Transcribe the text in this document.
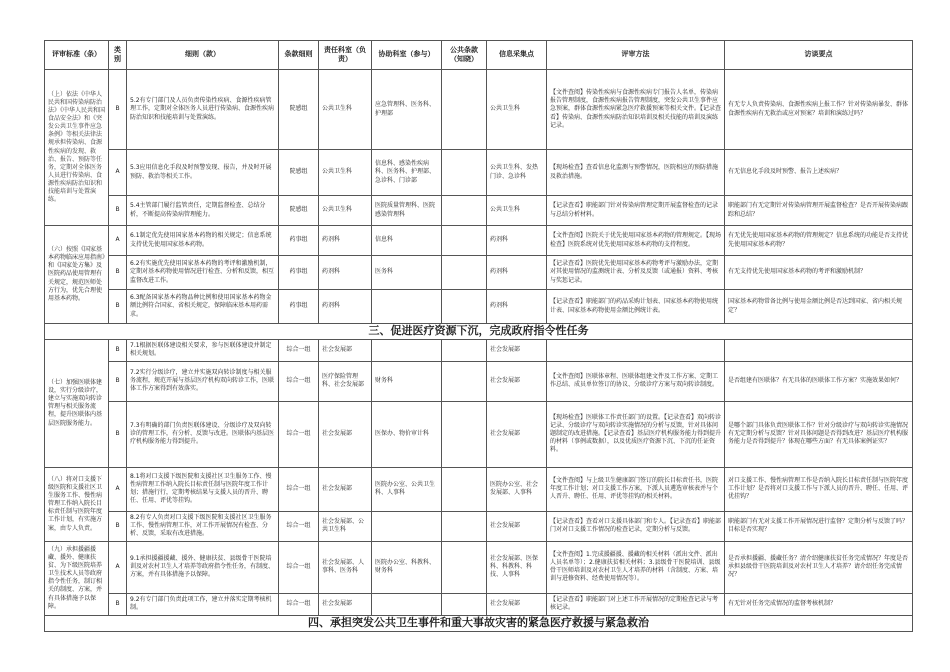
评审标准（条）	类别	细则（款）	条款细则	责任科室（负责）	协助科室（参与）	公共条款（知晓）	信息采集点	评审方法	访谈要点
（上）依法《中华人民共和国传染病防治法》《中华人民共和国食品安全法》和《突发公共卫生事件应急条例》等相关法律法规承担传染病、食源性疾病的发现、救治、报告、预防等任务，定期对全体医务人员进行传染病、食源性疾病防治知识和技能培训与处置演练。	B	5.2有专门部门及人员负责传染性疾病、食源性疾病管理工作，定期对全体医务人员进行传染病、食源性疾病防治知识和技能培训与处置演练。	院感组	公共卫生科	应急管理科、医务科、护理部		公共卫生科	【文件查阅】传染性疾病与食源性疾病专门报告人名单，传染病报告管理制度，食源性疾病报告管理制度，突发公共卫生事件应急预案，群体食源性疾病紧急医疗救援预案等相关文件。【记录查看】传染病、食源性疾病防治知识培训及相关技能的培训及演练记录。	有无专人负责传染病、食源性疾病上报工作？针对传染病暴发、群体食源性疾病有无救治或应对预案？培训和演练过吗？
	A	5.3应用信息化手段及时预警发现、报告，并及时开展预防、救治等相关工作。	院感组	公共卫生科	信息科、感染性疾病科、医务科、护理部、急诊科、门诊部		公共卫生科、发热门诊、急诊科	【现场检查】查看信息化监测与预警情况，医院相应的预防措施及救治措施。	有无信息化手段及时预警、报告上述疾病？
	B	5.4主管部门履行监管责任，定期监督检查、总结分析，不断提高传染病管理能力。	院感组	公共卫生科	医院质量管理科、医院感染管理科		公共卫生科	【记录查看】职能部门针对传染病管理定期开展监督检查的记录与总结分析材料。	职能部门有无定期针对传染病管理开展监督检查？是否开展传染病跟踪和总结？
（六）按照《国家基本药物临床应用指南》和《国家处方集》及医院药品使用管理有关规定，规范医师处方行为，优先合理使用基本药物。	A	6.1制定优先使用国家基本药物的相关规定；信息系统支持优先使用国家基本药物。	药事组	药剂科	信息科		药剂科	【文件查阅】医院关于优先使用国家基本药物的管理规定。【现场检查】医院系统对优先使用国家基本药物的支持程度。	有无优先使用国家基本药物的管理规定？信息系统的功能是否支持优先使用国家基本药物？
	B	6.2有实施优先使用国家基本药物的考评和激励机制，定期对基本药物使用情况进行检查、分析和反馈，相互监督改进工作。	药事组	药剂科	医务科		药剂科	【记录查看】医院优先使用国家基本药物考评与激励办法，定期对其使用情况的监测统计表、分析及反馈（或通报）资料、考核与奖惩记录。	有无支持优先使用国家基本药物的考评和激励机制？
	B	6.3配备国家基本药物品种比例和使用国家基本药物金额比例符合国家、省相关规定，保障临床基本用药需求。	药事组	药剂科			药剂科	【记录查看】职能部门的药品采购计划表、国家基本药物使用统计表、国家基本药物使用金额比例统计表。	国家基本药物常备比例与使用金额比例是否达到国家、省内相关规定？
三、促进医疗资源下沉，完成政府指令性任务									
（七）加强医联体建设，实行分级诊疗，建立与实施双向转诊管理与相关服务流程，提升医联体内基层医院服务能力。	B	7.1根据医联体建设相关要求，参与医联体建设并制定相关规划。	综合一组	社会发展部			社会发展部		
	B	7.2实行分级诊疗，建立并实施双向转诊制度与相关服务流程，规范开展与基层医疗机构双向转诊工作，医联体工作方案得到有效落实。	综合一组	医疗保险管理科、社会发展部	财务科		社会发展部	【文件查阅】医联体章程、医联体组建文件及工作方案、定期工作总结、成员单位签订的协议、分级诊疗方案与双向转诊制度。	是否组建有医联体？有无具体的医联体工作方案？实施效果如何？
	B	7.3有明确的部门负责医联体建设、分级诊疗及双向转诊的管理工作，有分析、反馈与改进。医联体内基层医疗机构服务能力得到提升。	综合一组	社会发展部	医保办、物价审计科		社会发展部	【现场检查】医联体工作责任部门的设置。【记录查看】双向转诊记录、分级诊疗与双向转诊实施情况的分析与反馈，针对具体问题制定的改进措施。【记录查看】基层医疗机构服务能力得到提升的材料（事例或数据），以及优质医疗资源下沉、下沉的任证资料。	是哪个部门具体负责医联体工作？针对分级诊疗与双向转诊实施情况有无定期分析与反馈？针对具体问题是否得到改进？基层医疗机构服务能力是否得到提升？体现在哪些方面？有无具体案例证实？
（八）将对口支援下级医院和支援社区卫生服务工作、慢性病管理工作纳入院长目标责任制与医院年度工作计划，有实施方案，由专人负责。	A	8.1将对口支援下级医院和支援社区卫生服务工作、慢性病管理工作纳入院长目标责任制与医院年度工作计划；措施行行，定期考核结果与支援人员的晋升、聘任、任用、评优等挂钩。	综合一组	社会发展部	医院办公室、公共卫生科、人事科		医院办公室、社会发展部、人事科	【文件查阅】与上级卫生健康部门签订的院长目标责任书，医院年度工作计划；对口支援工作方案，下派人员遴选审核表并与个人晋升、聘任、任用、评优等挂钩的相关材料。	对口支援工作、慢性病管理工作是否纳入院长目标责任制与医院年度工作计划？是否将对口支援工作与下派人员的晋升、聘任、任用、评优挂钩？
	B	8.2有专人负责对口支援下级医院和支援社区卫生服务工作、慢性病管理工作，对工作开展情况有检查、分析、反馈，采取有改进措施。	综合一组	社会发展部、公共卫生科			社会发展部	【记录查看】查看对口支援具体部门和专人。【记录查看】职能部门对对口支援工作情况的检查记录，定期分析与反馈。	职能部门有无对支援工作开展情况进行监督？定期分析与反馈了吗？目标是否实现？
（九）承担援疆援藏、援外、健康扶贫、为下级医院培养卫生技术人员等政府指令性任务，制订相关的制度、方案，并有具体措施予以保障。	A	9.1承担援疆援藏、援外、健康扶贫、县级骨干医院培训及对农村卫生人才培养等政府指令性任务，有制度、方案，并有具体措施予以保障。	综合一组	社会发展部、人事科、医务科	医院办公室、科教科、财务科		社会发展部、医保科、科教科、科技、人事科	【文件查阅】1.完成援疆援、援藏的相关材料（派出文件、派出人员名单等）；2.健康扶贫相关材料；3.县级骨干医院培训、县级骨干医师培训及对农村卫生人才培养的材料（含制度、方案、培训与进修资料、经费使用情况等）。	是否承担援疆、援藏任务？清介绍健康扶贫任务完成情况？年度是否承担县级骨干医院培训及对农村卫生人才培养？请介绍任务完成情况？
	B	9.2有专门部门负责此项工作，建立并落实定期考核机制。	综合一组	社会发展部			社会发展部	【记录查看】职能部门对上述工作开展情况的定期检查记录与考核记录。	有无针对任务完成情况的监督考核机制？
四、承担突发公共卫生事件和重大事故灾害的紧急医疗救援与紧急救治									
